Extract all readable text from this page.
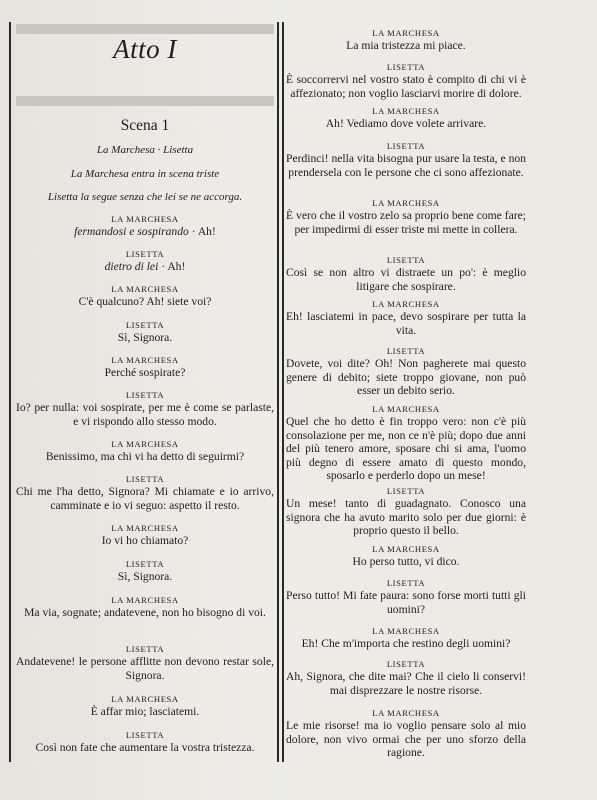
Atto I
Scena 1
La Marchesa · Lisetta
La Marchesa entra in scena triste
Lisetta la segue senza che lei se ne accorga.
LA MARCHESA
fermandosi e sospirando · Ah!
LISETTA
dietro di lei · Ah!
LA MARCHESA
C'è qualcuno? Ah! siete voi?
LISETTA
Sì, Signora.
LA MARCHESA
Perché sospirate?
LISETTA
Io? per nulla: voi sospirate, per me è come se parlaste, e vi rispondo allo stesso modo.
LA MARCHESA
Benissimo, ma chi vi ha detto di seguirmi?
LISETTA
Chi me l'ha detto, Signora? Mi chiamate e io arrivo, camminate e io vi seguo: aspetto il resto.
LA MARCHESA
Io vi ho chiamato?
LISETTA
Sì, Signora.
LA MARCHESA
Ma via, sognate; andatevene, non ho bisogno di voi.
LISETTA
Andatevene! le persone afflitte non devono restar sole, Signora.
LA MARCHESA
È affar mio; lasciatemi.
LISETTA
Così non fate che aumentare la vostra tristezza.
LA MARCHESA
La mia tristezza mi piace.
LISETTA
È soccorrervi nel vostro stato è compito di chi vi è affezionato; non voglio lasciarvi morire di dolore.
LA MARCHESA
Ah! Vediamo dove volete arrivare.
LISETTA
Perdinci! nella vita bisogna pur usare la testa, e non prendersela con le persone che ci sono affezionate.
LA MARCHESA
È vero che il vostro zelo sa proprio bene come fare; per impedirmi di esser triste mi mette in collera.
LISETTA
Così se non altro vi distraete un po': è meglio litigare che sospirare.
LA MARCHESA
Eh! lasciatemi in pace, devo sospirare per tutta la vita.
LISETTA
Dovete, voi dite? Oh! Non pagherete mai questo genere di debito; siete troppo giovane, non può esser un debito serio.
LA MARCHESA
Quel che ho detto è fin troppo vero: non c'è più consolazione per me, non ce n'è più; dopo due anni del più tenero amore, sposare chi si ama, l'uomo più degno di essere amato di questo mondo, sposarlo e perderlo dopo un mese!
LISETTA
Un mese! tanto di guadagnato. Conosco una signora che ha avuto marito solo per due giorni: è proprio questo il bello.
LA MARCHESA
Ho perso tutto, vi dico.
LISETTA
Perso tutto! Mi fate paura: sono forse morti tutti gli uomini?
LA MARCHESA
Eh! Che m'importa che restino degli uomini?
LISETTA
Ah, Signora, che dite mai? Che il cielo li conservi! mai disprezzare le nostre risorse.
LA MARCHESA
Le mie risorse! ma io voglio pensare solo al mio dolore, non vivo ormai che per uno sforzo della ragione.
